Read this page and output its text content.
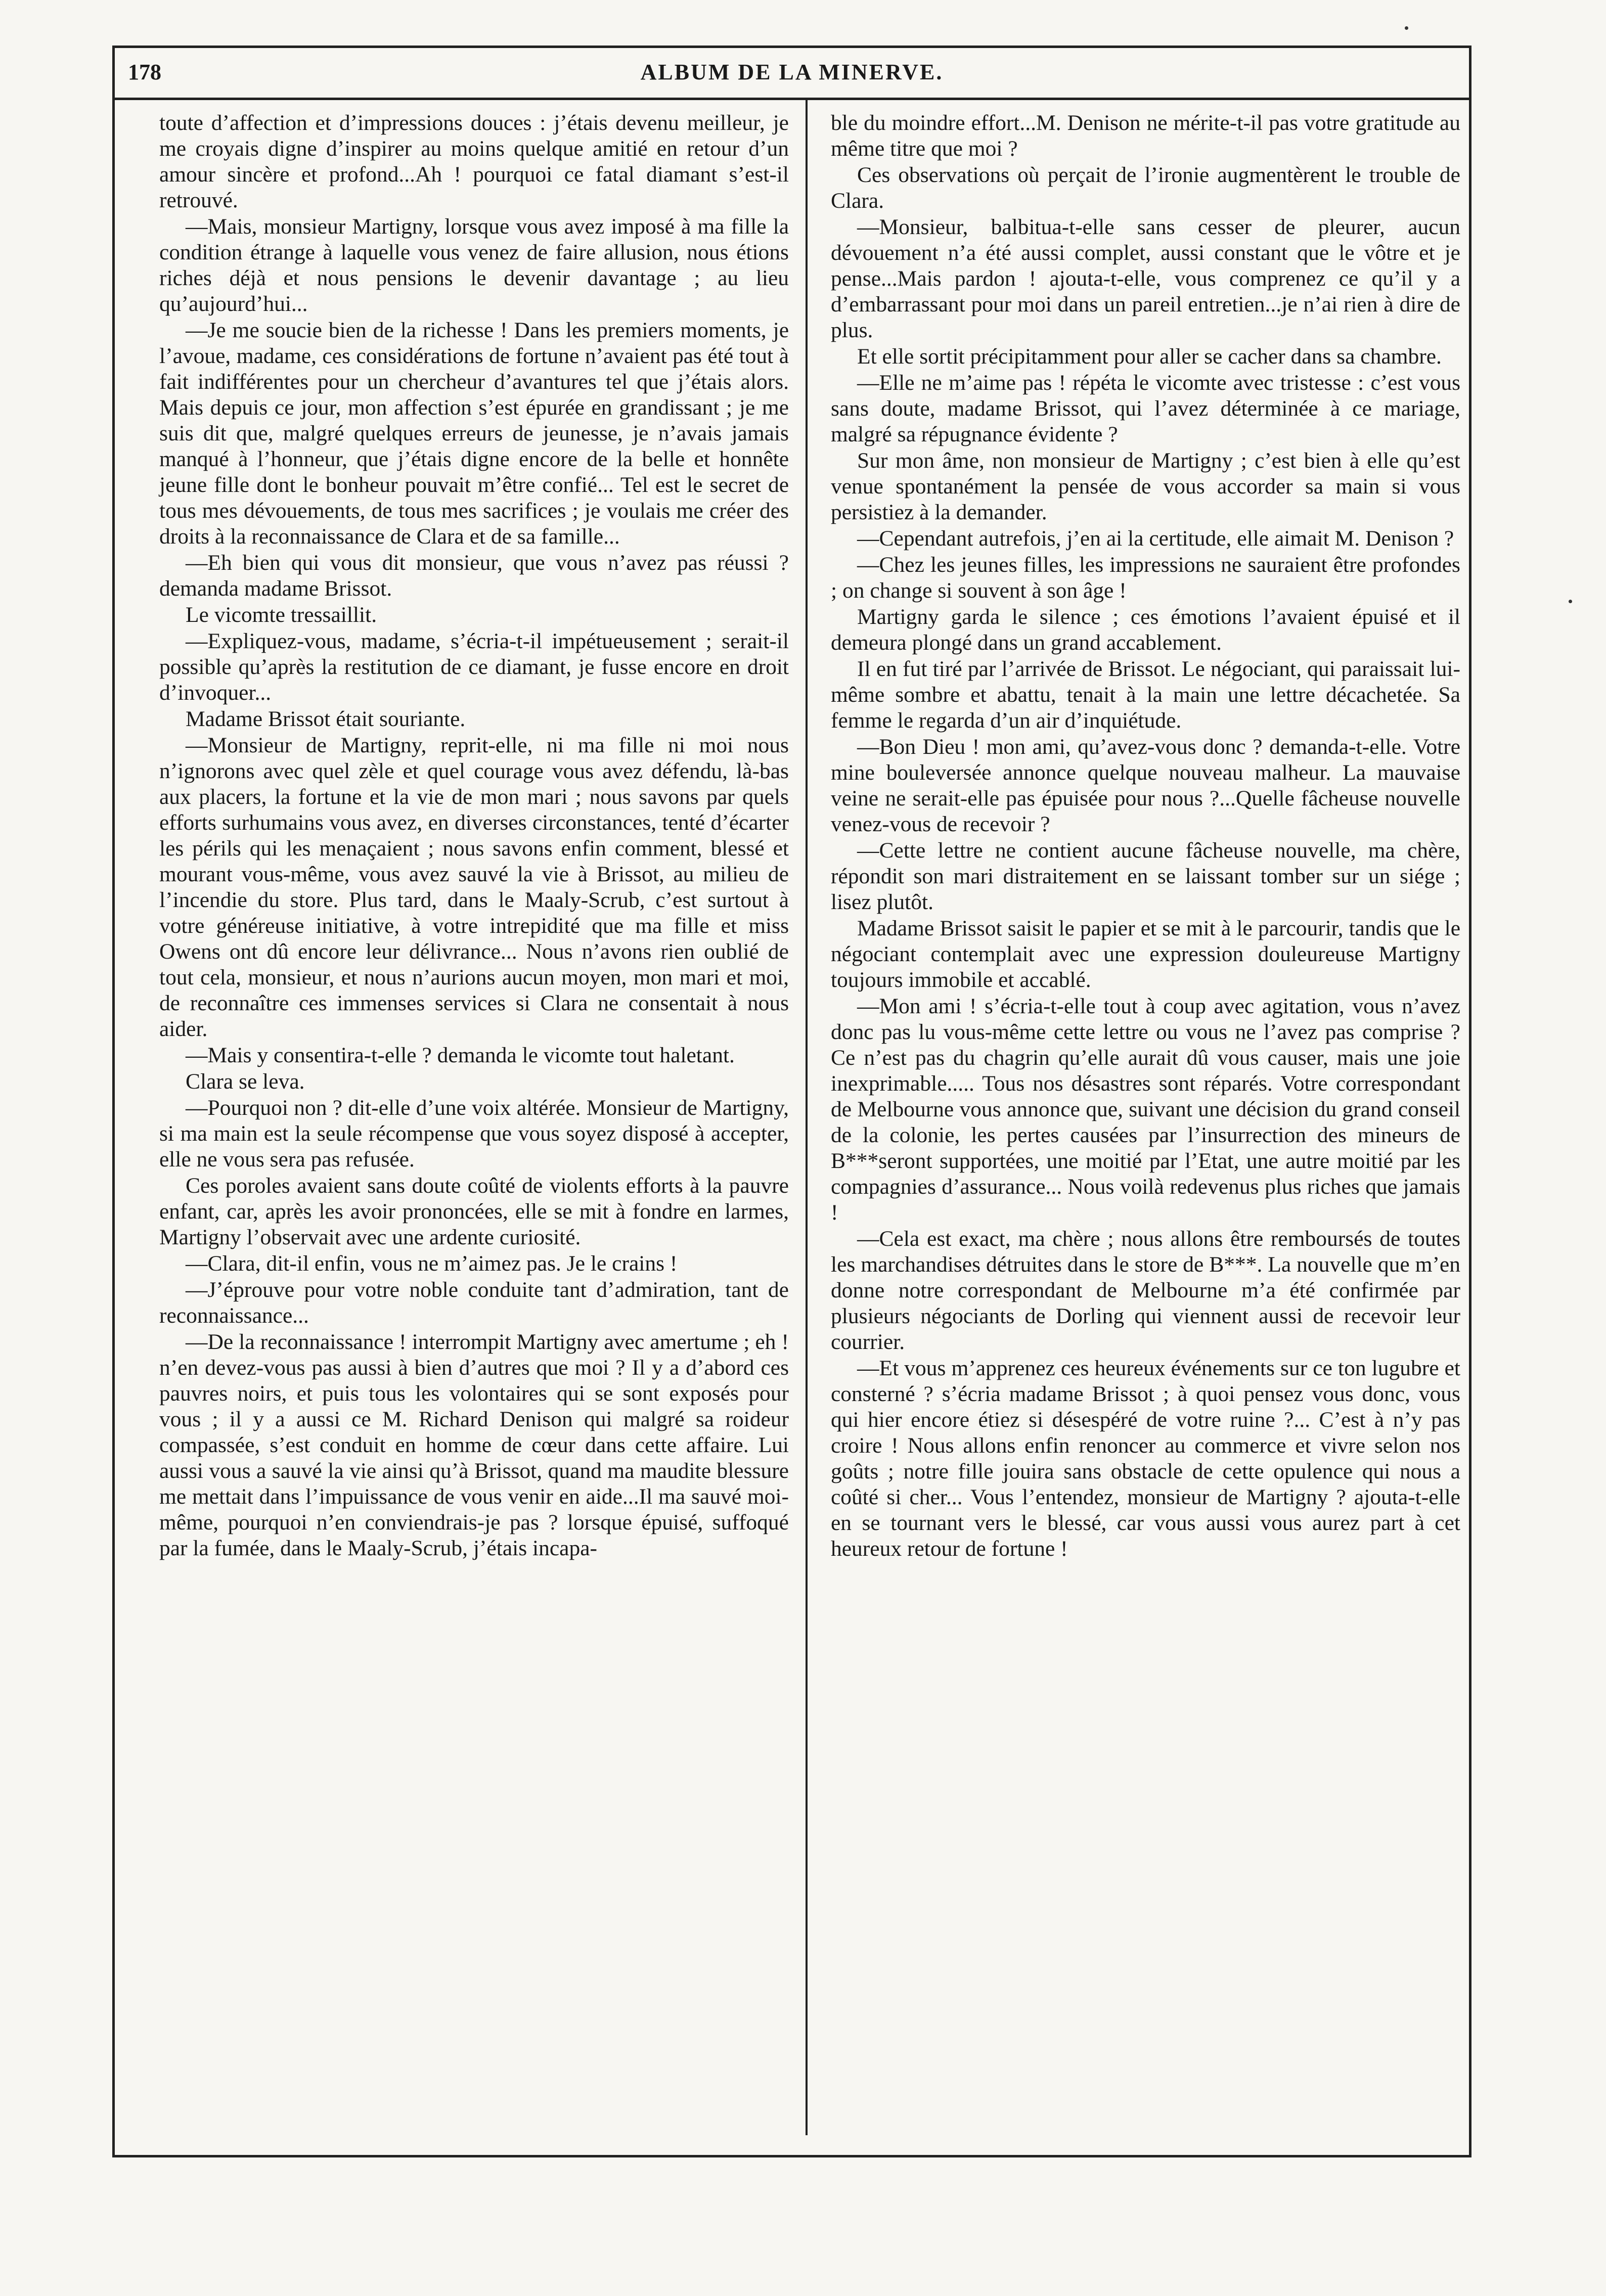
178	ALBUM DE LA MINERVE.

toute d’affection et d’impressions douces : j’étais devenu meilleur, je me croyais digne d’inspirer au moins quelque amitié en retour d’un amour sincère et profond...Ah ! pourquoi ce fatal diamant s’est-il retrouvé.

—Mais, monsieur Martigny, lorsque vous avez imposé à ma fille la condition étrange à laquelle vous venez de faire allusion, nous étions riches déjà et nous pensions le devenir davantage ; au lieu qu’aujourd’hui...

—Je me soucie bien de la richesse ! Dans les premiers moments, je l’avoue, madame, ces considérations de fortune n’avaient pas été tout à fait indifférentes pour un chercheur d’avantures tel que j’étais alors. Mais depuis ce jour, mon affection s’est épurée en grandissant ; je me suis dit que, malgré quelques erreurs de jeunesse, je n’avais jamais manqué à l’honneur, que j’étais digne encore de la belle et honnête jeune fille dont le bonheur pouvait m’être confié... Tel est le secret de tous mes dévouements, de tous mes sacrifices ; je voulais me créer des droits à la reconnaissance de Clara et de sa famille...

—Eh bien qui vous dit monsieur, que vous n’avez pas réussi ? demanda madame Brissot.

Le vicomte tressaillit.

—Expliquez-vous, madame, s’écria-t-il impétueusement ; serait-il possible qu’après la restitution de ce diamant, je fusse encore en droit d’invoquer...

Madame Brissot était souriante.

—Monsieur de Martigny, reprit-elle, ni ma fille ni moi nous n’ignorons avec quel zèle et quel courage vous avez défendu, là-bas aux placers, la fortune et la vie de mon mari ; nous savons par quels efforts surhumains vous avez, en diverses circonstances, tenté d’écarter les périls qui les menaçaient ; nous savons enfin comment, blessé et mourant vous-même, vous avez sauvé la vie à Brissot, au milieu de l’incendie du store. Plus tard, dans le Maaly-Scrub, c’est surtout à votre généreuse initiative, à votre intrepidité que ma fille et miss Owens ont dû encore leur délivrance... Nous n’avons rien oublié de tout cela, monsieur, et nous n’aurions aucun moyen, mon mari et moi, de reconnaître ces immenses services si Clara ne consentait à nous aider.

—Mais y consentira-t-elle ? demanda le vicomte tout haletant.

Clara se leva.

—Pourquoi non ? dit-elle d’une voix altérée. Monsieur de Martigny, si ma main est la seule récompense que vous soyez disposé à accepter, elle ne vous sera pas refusée.

Ces poroles avaient sans doute coûté de violents efforts à la pauvre enfant, car, après les avoir prononcées, elle se mit à fondre en larmes, Martigny l’observait avec une ardente curiosité.

—Clara, dit-il enfin, vous ne m’aimez pas. Je le crains !

—J’éprouve pour votre noble conduite tant d’admiration, tant de reconnaissance...

—De la reconnaissance ! interrompit Martigny avec amertume ; eh ! n’en devez-vous pas aussi à bien d’autres que moi ? Il y a d’abord ces pauvres noirs, et puis tous les volontaires qui se sont exposés pour vous ; il y a aussi ce M. Richard Denison qui malgré sa roideur compassée, s’est conduit en homme de cœur dans cette affaire. Lui aussi vous a sauvé la vie ainsi qu’à Brissot, quand ma maudite blessure me mettait dans l’impuissance de vous venir en aide...Il ma sauvé moi-même, pourquoi n’en conviendrais-je pas ? lorsque épuisé, suffoqué par la fumée, dans le Maaly-Scrub, j’étais incapa-

ble du moindre effort...M. Denison ne mérite-t-il pas votre gratitude au même titre que moi ?

Ces observations où perçait de l’ironie augmentèrent le trouble de Clara.

—Monsieur, balbitua-t-elle sans cesser de pleurer, aucun dévouement n’a été aussi complet, aussi constant que le vôtre et je pense...Mais pardon ! ajouta-t-elle, vous comprenez ce qu’il y a d’embarrassant pour moi dans un pareil entretien...je n’ai rien à dire de plus.

Et elle sortit précipitamment pour aller se cacher dans sa chambre.

—Elle ne m’aime pas ! répéta le vicomte avec tristesse : c’est vous sans doute, madame Brissot, qui l’avez déterminée à ce mariage, malgré sa répugnance évidente ?

Sur mon âme, non monsieur de Martigny ; c’est bien à elle qu’est venue spontanément la pensée de vous accorder sa main si vous persistiez à la demander.

—Cependant autrefois, j’en ai la certitude, elle aimait M. Denison ?

—Chez les jeunes filles, les impressions ne sauraient être profondes ; on change si souvent à son âge !

Martigny garda le silence ; ces émotions l’avaient épuisé et il demeura plongé dans un grand accablement.

Il en fut tiré par l’arrivée de Brissot. Le négociant, qui paraissait lui-même sombre et abattu, tenait à la main une lettre décachetée. Sa femme le regarda d’un air d’inquiétude.

—Bon Dieu ! mon ami, qu’avez-vous donc ? demanda-t-elle. Votre mine bouleversée annonce quelque nouveau malheur. La mauvaise veine ne serait-elle pas épuisée pour nous ?...Quelle fâcheuse nouvelle venez-vous de recevoir ?

—Cette lettre ne contient aucune fâcheuse nouvelle, ma chère, répondit son mari distraitement en se laissant tomber sur un siége ; lisez plutôt.

Madame Brissot saisit le papier et se mit à le parcourir, tandis que le négociant contemplait avec une expression douleureuse Martigny toujours immobile et accablé.

—Mon ami ! s’écria-t-elle tout à coup avec agitation, vous n’avez donc pas lu vous-même cette lettre ou vous ne l’avez pas comprise ? Ce n’est pas du chagrin qu’elle aurait dû vous causer, mais une joie inexprimable..... Tous nos désastres sont réparés. Votre correspondant de Melbourne vous annonce que, suivant une décision du grand conseil de la colonie, les pertes causées par l’insurrection des mineurs de B***seront supportées, une moitié par l’Etat, une autre moitié par les compagnies d’assurance... Nous voilà redevenus plus riches que jamais !

—Cela est exact, ma chère ; nous allons être remboursés de toutes les marchandises détruites dans le store de B***. La nouvelle que m’en donne notre correspondant de Melbourne m’a été confirmée par plusieurs négociants de Dorling qui viennent aussi de recevoir leur courrier.

—Et vous m’apprenez ces heureux événements sur ce ton lugubre et consterné ? s’écria madame Brissot ; à quoi pensez vous donc, vous qui hier encore étiez si désespéré de votre ruine ?... C’est à n’y pas croire ! Nous allons enfin renoncer au commerce et vivre selon nos goûts ; notre fille jouira sans obstacle de cette opulence qui nous a coûté si cher... Vous l’entendez, monsieur de Martigny ? ajouta-t-elle en se tournant vers le blessé, car vous aussi vous aurez part à cet heureux retour de fortune !
